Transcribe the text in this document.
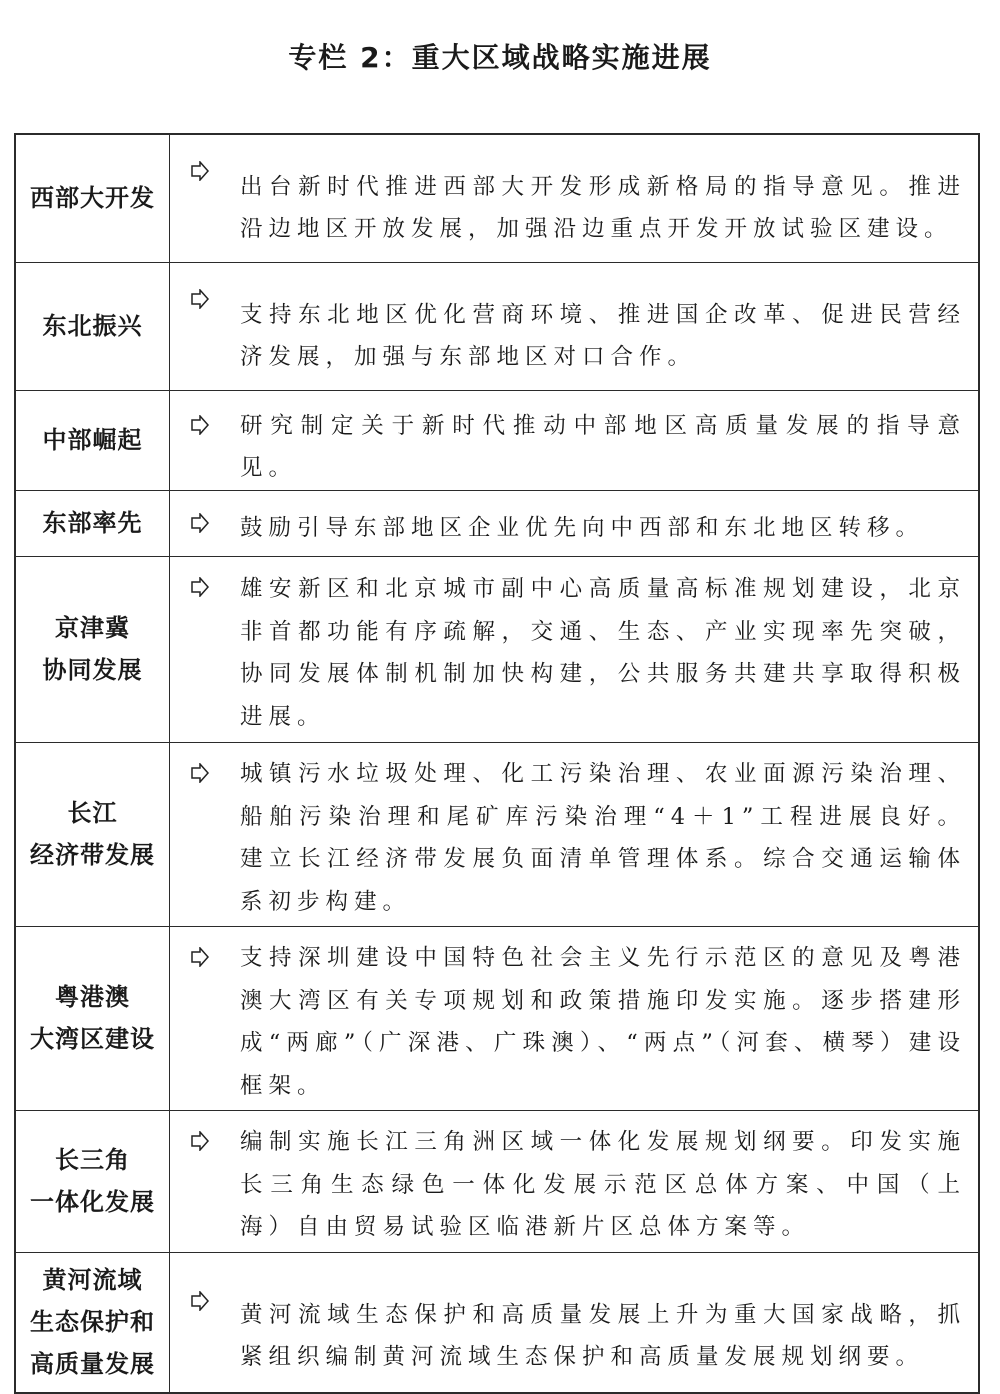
专栏 2：重大区域战略实施进展
西部大开发	出台新时代推进西部大开发形成新格局的指导意见。推进沿边地区开放发展，加强沿边重点开发开放试验区建设。

东北振兴	支持东北地区优化营商环境、推进国企改革、促进民营经济发展，加强与东部地区对口合作。

中部崛起	研究制定关于新时代推动中部地区高质量发展的指导意见。

东部率先	鼓励引导东部地区企业优先向中西部和东北地区转移。

京津冀
协同发展	雄安新区和北京城市副中心高质量高标准规划建设，北京非首都功能有序疏解，交通、生态、产业实现率先突破，协同发展体制机制加快构建，公共服务共建共享取得积极进展。

长江
经济带发展	城镇污水垃圾处理、化工污染治理、农业面源污染治理、船舶污染治理和尾矿库污染治理“4＋1”工程进展良好。建立长江经济带发展负面清单管理体系。综合交通运输体系初步构建。

粤港澳
大湾区建设	支持深圳建设中国特色社会主义先行示范区的意见及粤港澳大湾区有关专项规划和政策措施印发实施。逐步搭建形成“两廊”（广深港、广珠澳）、“两点”（河套、横琴）建设框架。

长三角
一体化发展	编制实施长江三角洲区域一体化发展规划纲要。印发实施长三角生态绿色一体化发展示范区总体方案、中国（上海）自由贸易试验区临港新片区总体方案等。

黄河流域
生态保护和
高质量发展	黄河流域生态保护和高质量发展上升为重大国家战略，抓紧组织编制黄河流域生态保护和高质量发展规划纲要。
